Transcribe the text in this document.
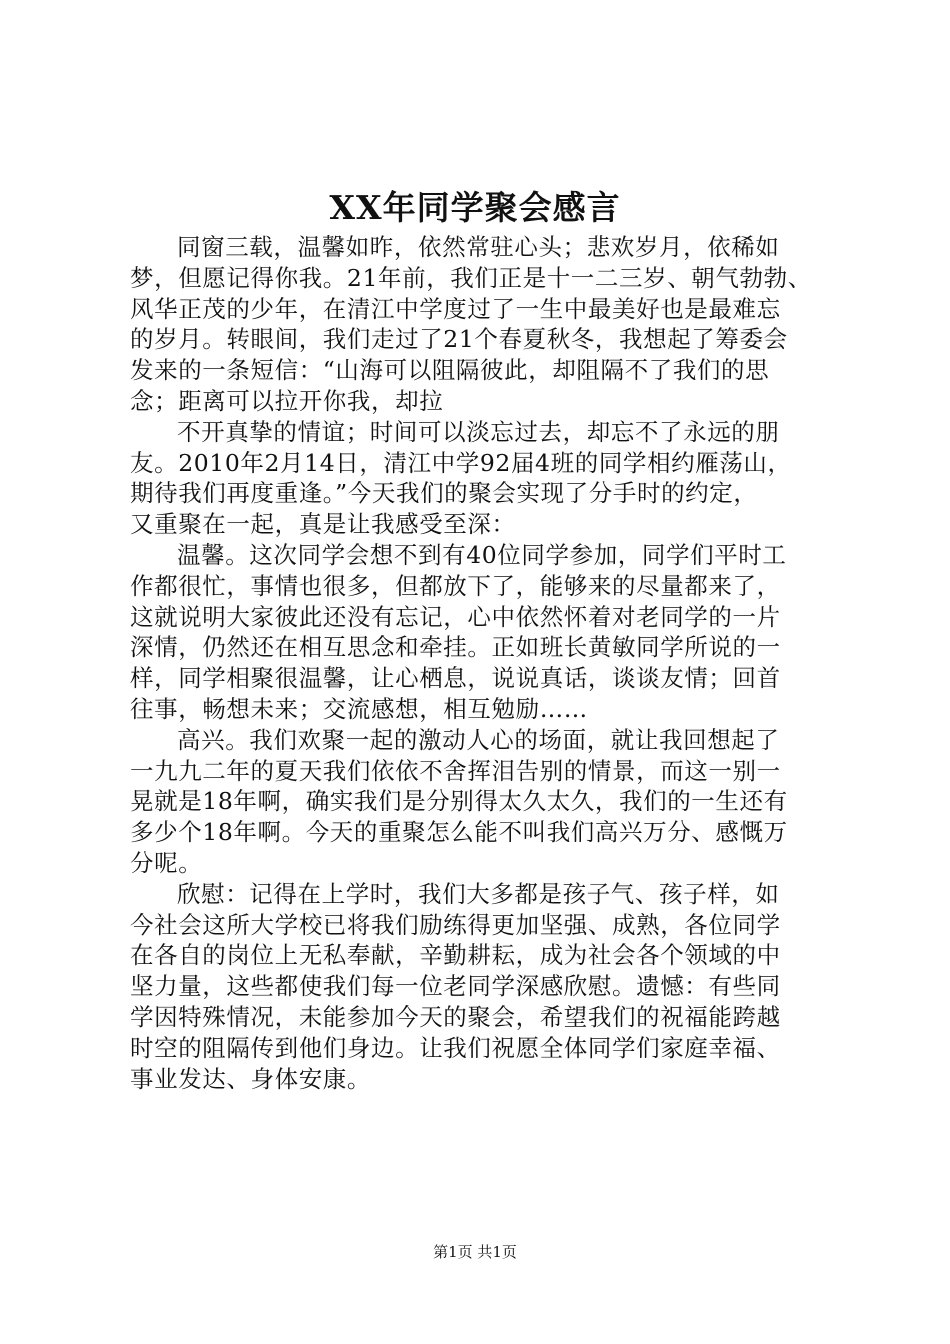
XX年同学聚会感言
同窗三载，温馨如昨，依然常驻心头；悲欢岁月，依稀如
梦，但愿记得你我。21年前，我们正是十一二三岁、朝气勃勃、
风华正茂的少年，在清江中学度过了一生中最美好也是最难忘
的岁月。转眼间，我们走过了21个春夏秋冬，我想起了筹委会
发来的一条短信：“山海可以阻隔彼此，却阻隔不了我们的思
念；距离可以拉开你我，却拉
不开真挚的情谊；时间可以淡忘过去，却忘不了永远的朋
友。2010年2月14日，清江中学92届4班的同学相约雁荡山，
期待我们再度重逢。”今天我们的聚会实现了分手时的约定，
又重聚在一起，真是让我感受至深：
温馨。这次同学会想不到有40位同学参加，同学们平时工
作都很忙，事情也很多，但都放下了，能够来的尽量都来了，
这就说明大家彼此还没有忘记，心中依然怀着对老同学的一片
深情，仍然还在相互思念和牵挂。正如班长黄敏同学所说的一
样，同学相聚很温馨，让心栖息，说说真话，谈谈友情；回首
往事，畅想未来；交流感想，相互勉励……
高兴。我们欢聚一起的激动人心的场面，就让我回想起了
一九九二年的夏天我们依依不舍挥泪告别的情景，而这一别一
晃就是18年啊，确实我们是分别得太久太久，我们的一生还有
多少个18年啊。今天的重聚怎么能不叫我们高兴万分、感慨万
分呢。
欣慰：记得在上学时，我们大多都是孩子气、孩子样，如
今社会这所大学校已将我们励练得更加坚强、成熟，各位同学
在各自的岗位上无私奉献，辛勤耕耘，成为社会各个领域的中
坚力量，这些都使我们每一位老同学深感欣慰。遗憾：有些同
学因特殊情况，未能参加今天的聚会，希望我们的祝福能跨越
时空的阻隔传到他们身边。让我们祝愿全体同学们家庭幸福、
事业发达、身体安康。
第1页 共1页
